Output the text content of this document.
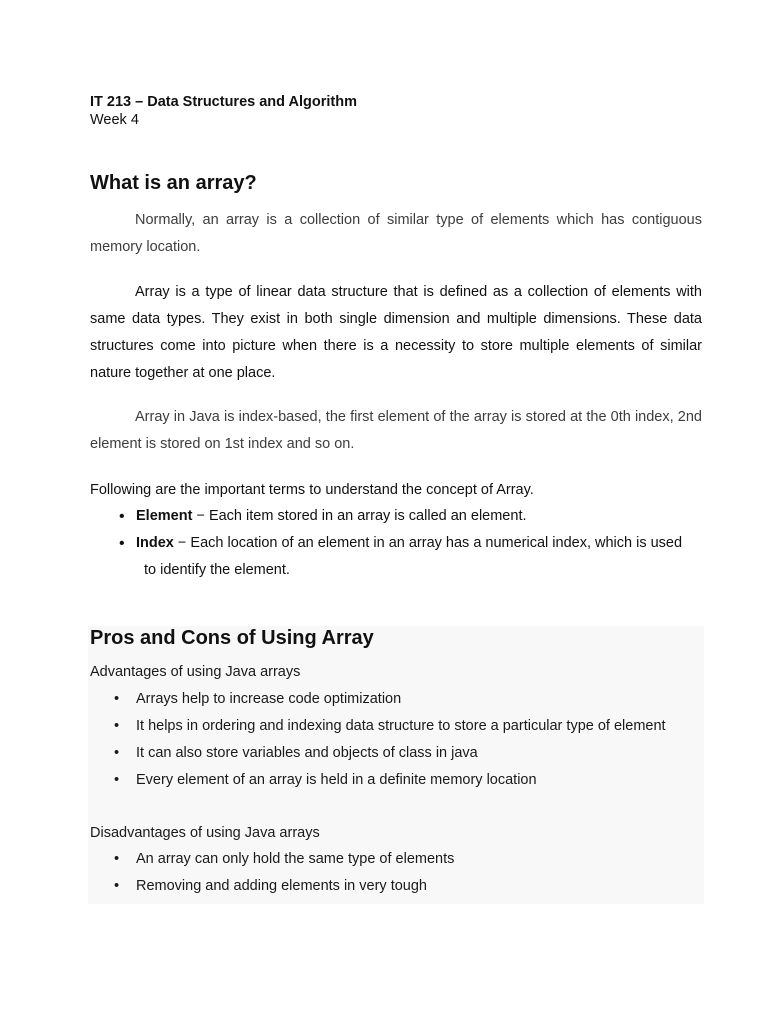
IT 213 – Data Structures and Algorithm
Week 4
What is an array?
Normally, an array is a collection of similar type of elements which has contiguous memory location.
Array is a type of linear data structure that is defined as a collection of elements with same data types. They exist in both single dimension and multiple dimensions. These data structures come into picture when there is a necessity to store multiple elements of similar nature together at one place.
Array in Java is index-based, the first element of the array is stored at the 0th index, 2nd element is stored on 1st index and so on.
Following are the important terms to understand the concept of Array.
• Element − Each item stored in an array is called an element.
• Index − Each location of an element in an array has a numerical index, which is used
to identify the element.
Pros and Cons of Using Array
Advantages of using Java arrays
• Arrays help to increase code optimization
• It helps in ordering and indexing data structure to store a particular type of element
• It can also store variables and objects of class in java
• Every element of an array is held in a definite memory location
Disadvantages of using Java arrays
• An array can only hold the same type of elements
• Removing and adding elements in very tough
